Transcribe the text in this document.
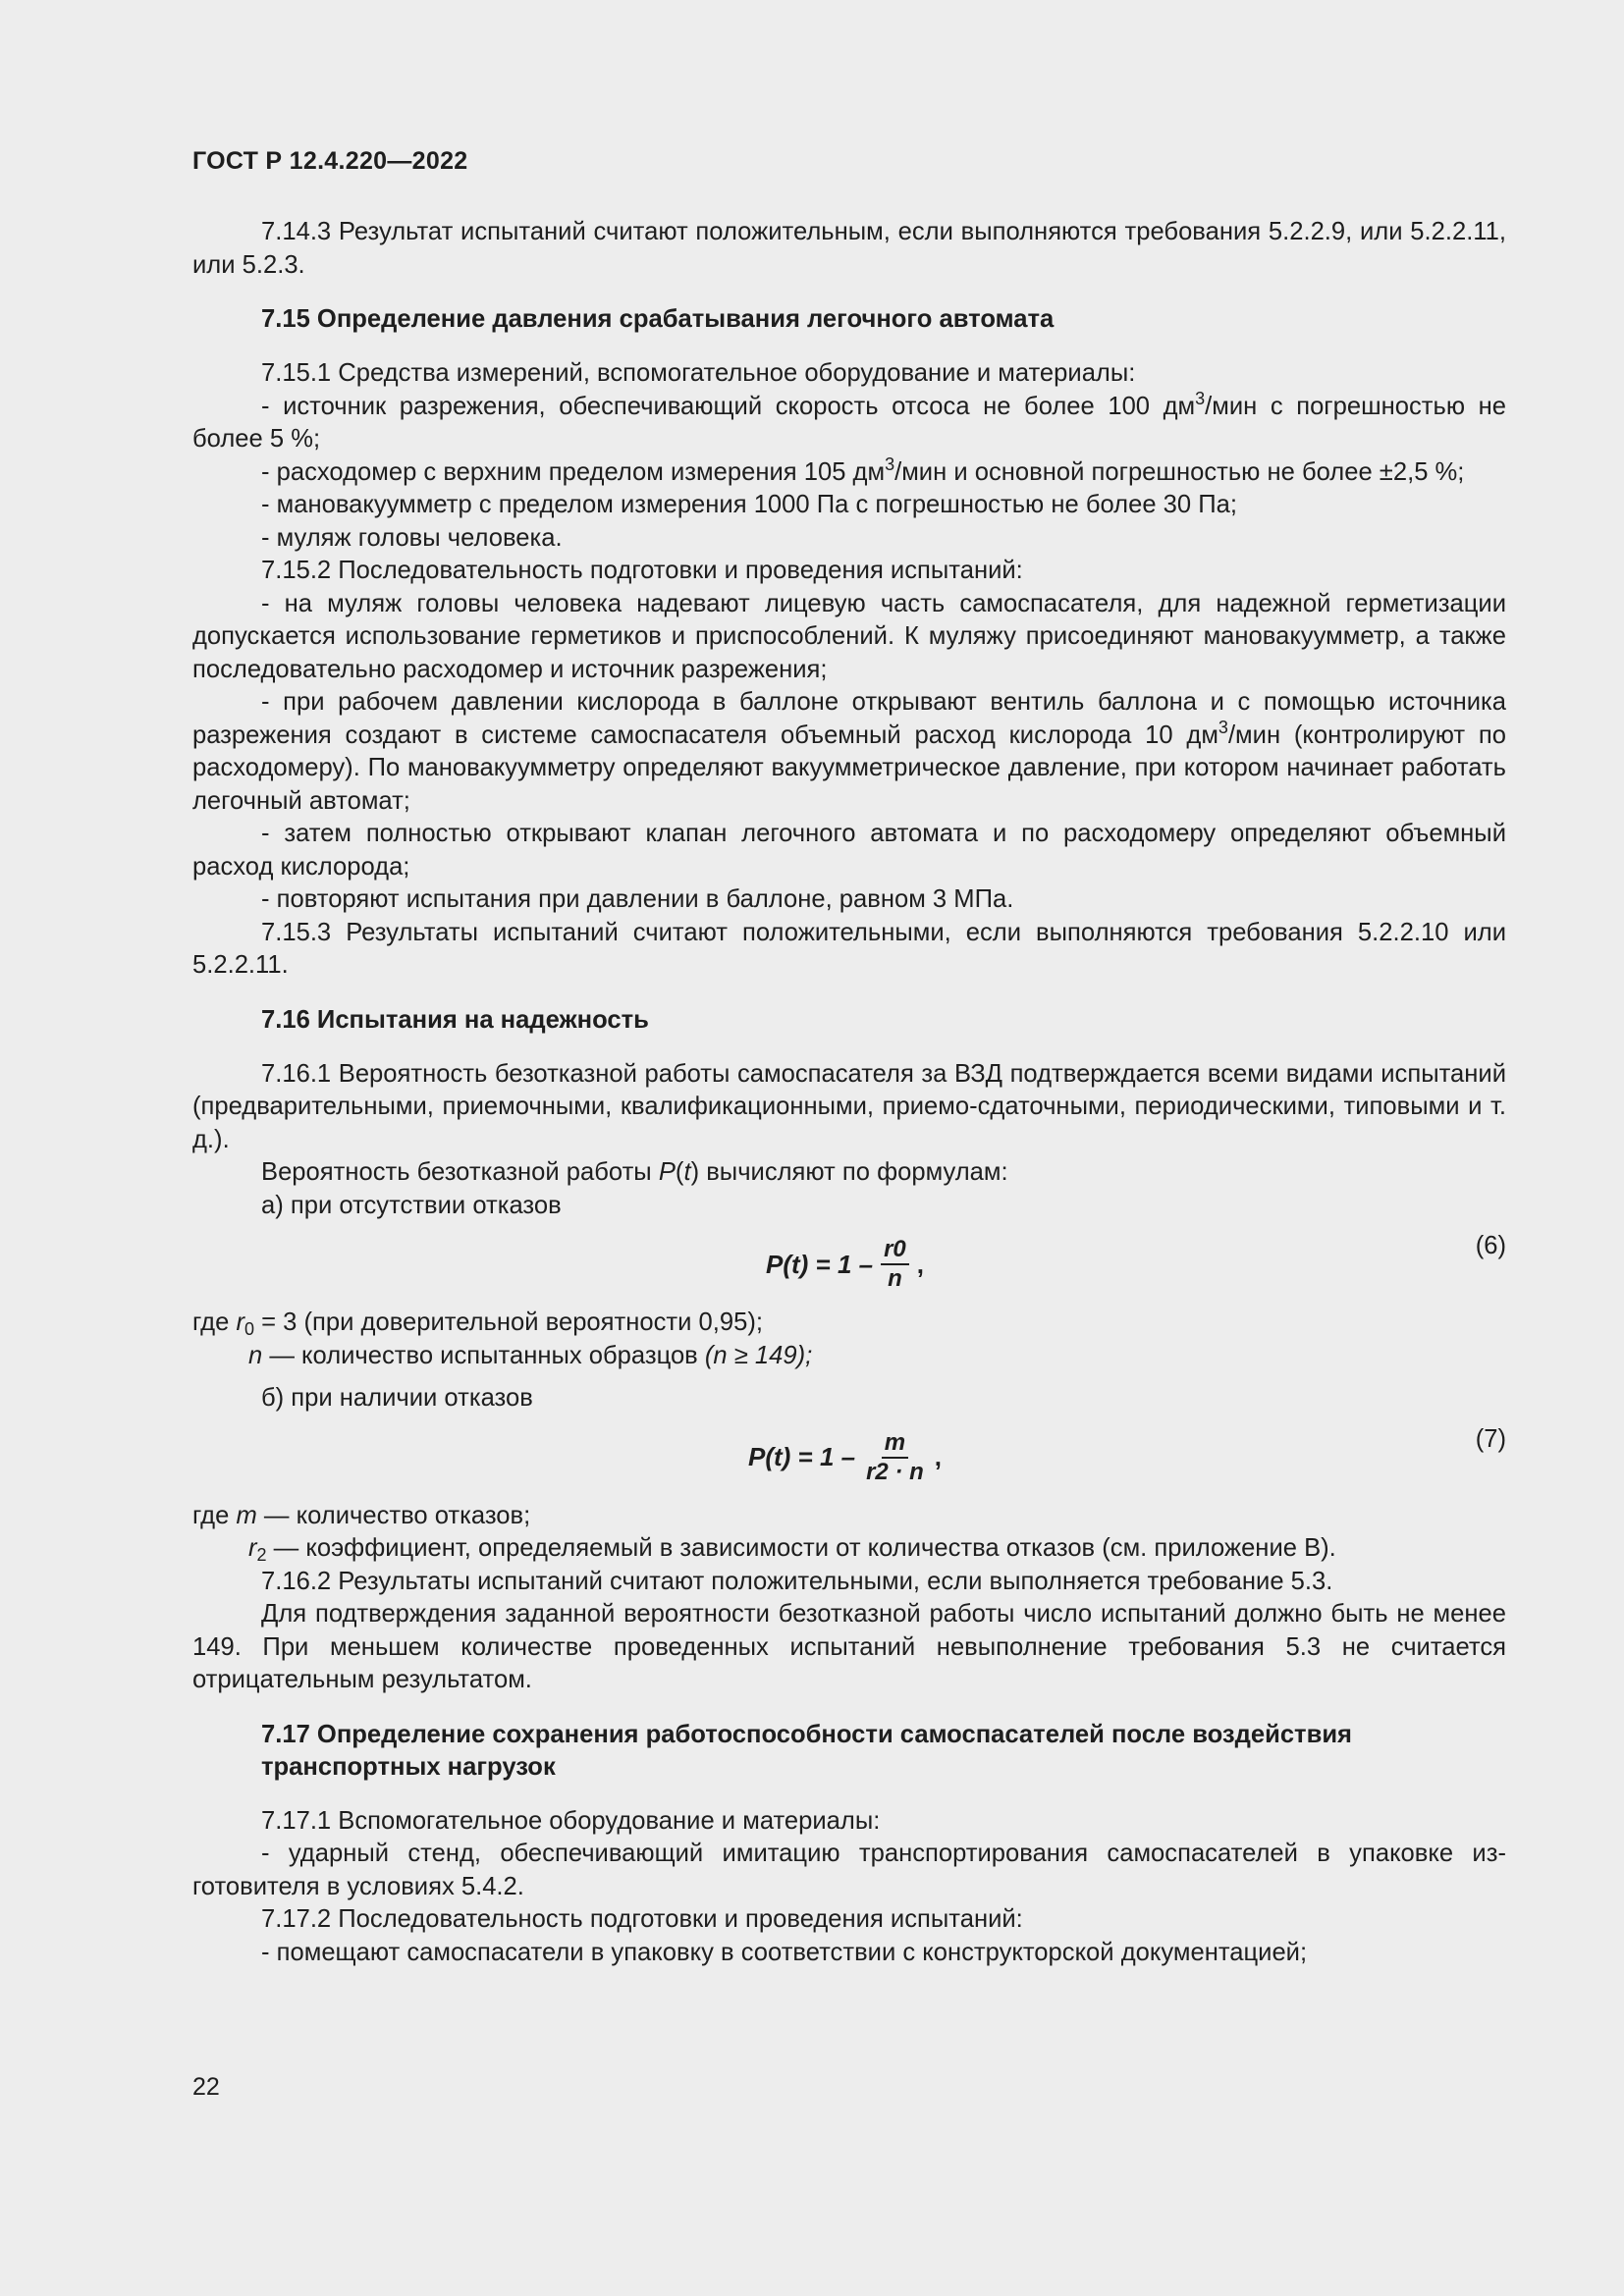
ГОСТ Р 12.4.220—2022

7.14.3 Результат испытаний считают положительным, если выполняются требования 5.2.2.9, или 5.2.2.11, или 5.2.3.

7.15 Определение давления срабатывания легочного автомата

7.15.1 Средства измерений, вспомогательное оборудование и материалы:

- источник разрежения, обеспечивающий скорость отсоса не более 100 $дм^3$/мин с погрешностью не более 5 %;

- расходомер с верхним пределом измерения 105 $дм^3$/мин и основной погрешностью не более ±2,5 %;

- мановакуумметр с пределом измерения 1000 Па с погрешностью не более 30 Па;

- муляж головы человека.

7.15.2 Последовательность подготовки и проведения испытаний:

- на муляж головы человека надевают лицевую часть самоспасателя, для надежной герметизации допускается использование герметиков и приспособлений. К муляжу присоединяют мановакуумметр, а также последовательно расходомер и источник разрежения;

- при рабочем давлении кислорода в баллоне открывают вентиль баллона и с помощью источника разрежения создают в системе самоспасателя объемный расход кислорода 10 $дм^3$/мин (контролируют по расходомеру). По мановакуумметру определяют вакуумметрическое давление, при котором начинает работать легочный автомат;

- затем полностью открывают клапан легочного автомата и по расходомеру определяют объемный расход кислорода;

- повторяют испытания при давлении в баллоне, равном 3 МПа.

7.15.3 Результаты испытаний считают положительными, если выполняются требования 5.2.2.10 или 5.2.2.11.

7.16 Испытания на надежность

7.16.1 Вероятность безотказной работы самоспасателя за ВЗД подтверждается всеми видами испытаний (предварительными, приемочными, квалификационными, приемо-сдаточными, периодическими, типовыми и т. д.).

Вероятность безотказной работы P(t) вычисляют по формулам:

а) при отсутствии отказов

$P(t) = 1 - \frac{r0}{n}$ ,
(6)

где $r_0 = 3$ (при доверительной вероятности 0,95);

n — количество испытанных образцов (n ≥ 149);

б) при наличии отказов

$P(t) = 1 - \frac{m}{r2 \cdot n}$ ,
(7)

где m — количество отказов;

$r_2$ — коэффициент, определяемый в зависимости от количества отказов (см. приложение В).

7.16.2 Результаты испытаний считают положительными, если выполняется требование 5.3.

Для подтверждения заданной вероятности безотказной работы число испытаний должно быть не менее 149. При меньшем количестве проведенных испытаний невыполнение требования 5.3 не считается отрицательным результатом.

7.17 Определение сохранения работоспособности самоспасателей после воздействия транспортных нагрузок

7.17.1 Вспомогательное оборудование и материалы:

- ударный стенд, обеспечивающий имитацию транспортирования самоспасателей в упаковке изготовителя в условиях 5.4.2.

7.17.2 Последовательность подготовки и проведения испытаний:

- помещают самоспасатели в упаковку в соответствии с конструкторской документацией;

22
